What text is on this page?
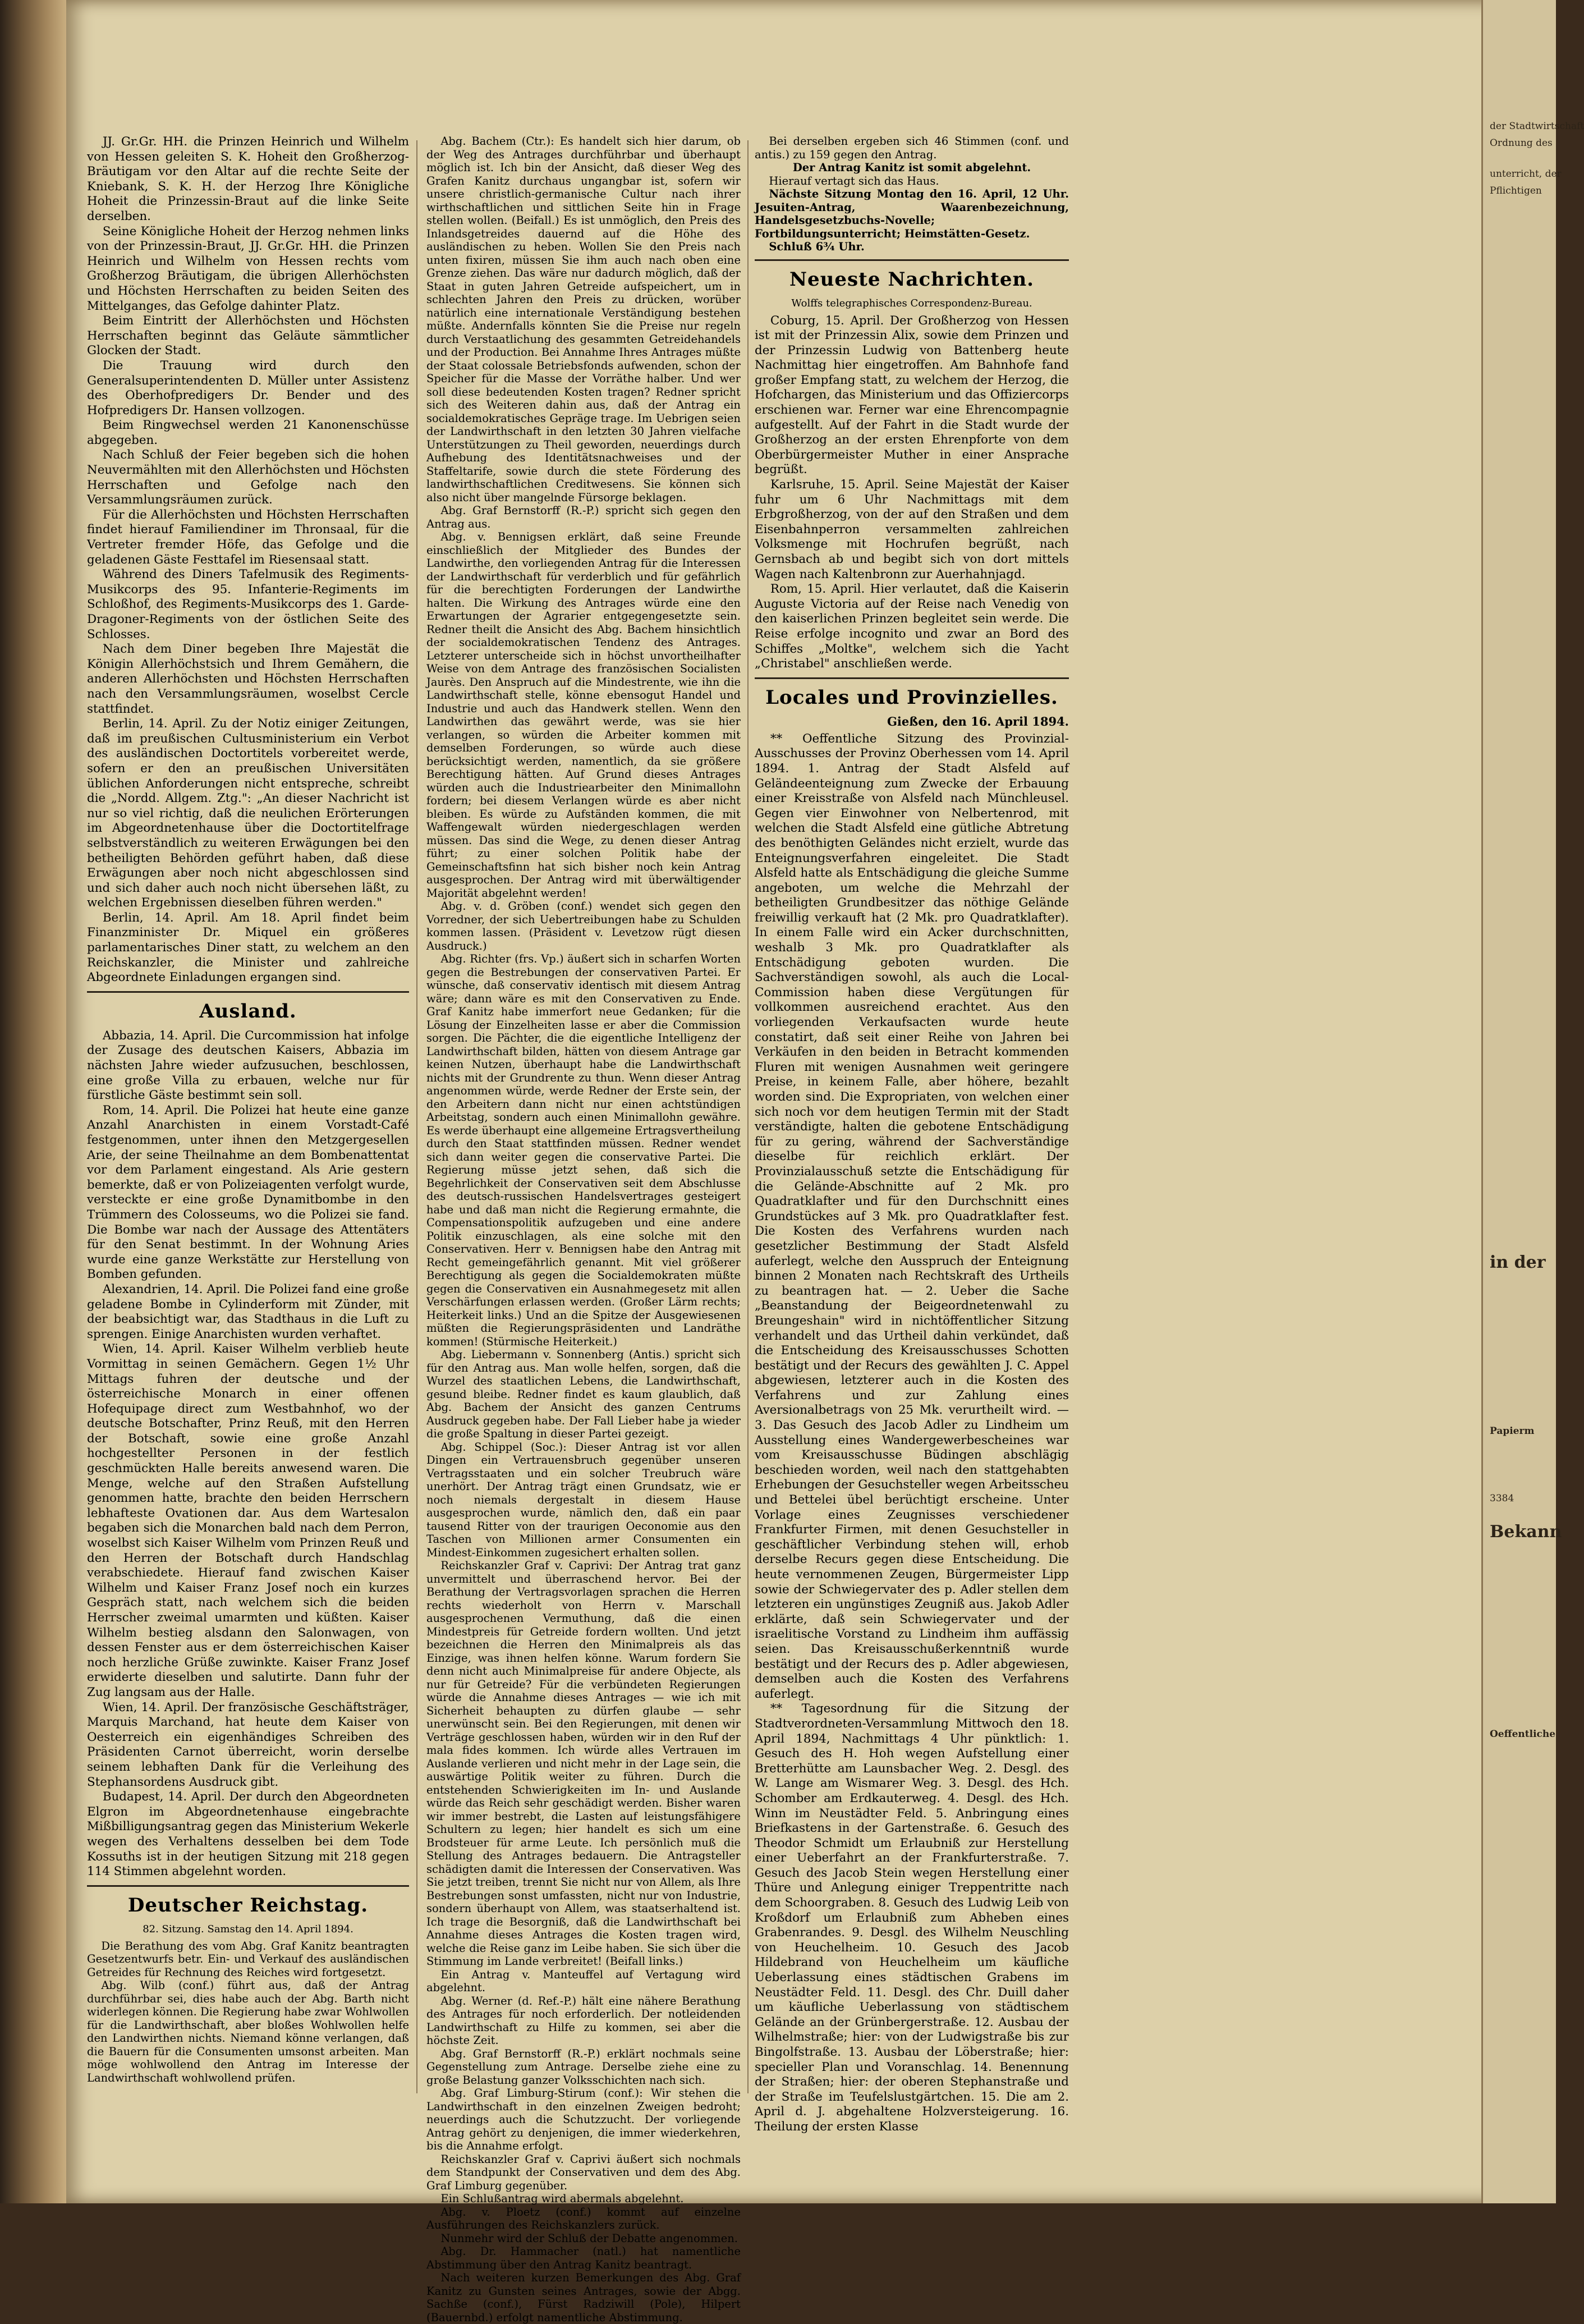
JJ. Gr.Gr. HH. die Prinzen Heinrich und Wilhelm von Hessen geleiten S. K. Hoheit den Großherzog-Bräutigam vor den Altar auf die rechte Seite der Kniebank, S. K. H. der Herzog Ihre Königliche Hoheit die Prinzessin-Braut auf die linke Seite derselben.

Seine Königliche Hoheit der Herzog nehmen links von der Prinzessin-Braut, JJ. Gr.Gr. HH. die Prinzen Heinrich und Wilhelm von Hessen rechts vom Großherzog Bräutigam, die übrigen Allerhöchsten und Höchsten Herrschaften zu beiden Seiten des Mittelganges, das Gefolge dahinter Platz.

Beim Eintritt der Allerhöchsten und Höchsten Herrschaften beginnt das Geläute sämmtlicher Glocken der Stadt.

Die Trauung wird durch den Generalsuperintendenten D. Müller unter Assistenz des Oberhofpredigers Dr. Bender und des Hofpredigers Dr. Hansen vollzogen.

Beim Ringwechsel werden 21 Kanonenschüsse abgegeben.

Nach Schluß der Feier begeben sich die hohen Neuvermählten mit den Allerhöchsten und Höchsten Herrschaften und Gefolge nach den Versammlungsräumen zurück.

Für die Allerhöchsten und Höchsten Herrschaften findet hierauf Familiendiner im Thronsaal, für die Vertreter fremder Höfe, das Gefolge und die geladenen Gäste Festtafel im Riesensaal statt.

Während des Diners Tafelmusik des Regiments-Musikcorps des 95. Infanterie-Regiments im Schloßhof, des Regiments-Musikcorps des 1. Garde-Dragoner-Regiments von der östlichen Seite des Schlosses.

Nach dem Diner begeben Ihre Majestät die Königin Allerhöchstsich und Ihrem Gemähern, die anderen Allerhöchsten und Höchsten Herrschaften nach den Versammlungsräumen, woselbst Cercle stattfindet.

Berlin, 14. April. Zu der Notiz einiger Zeitungen, daß im preußischen Cultusministerium ein Verbot des ausländischen Doctortitels vorbereitet werde, sofern er den an preußischen Universitäten üblichen Anforderungen nicht entspreche, schreibt die „Nordd. Allgem. Ztg.": „An dieser Nachricht ist nur so viel richtig, daß die neulichen Erörterungen im Abgeordnetenhause über die Doctortitelfrage selbstverständlich zu weiteren Erwägungen bei den betheiligten Behörden geführt haben, daß diese Erwägungen aber noch nicht abgeschlossen sind und sich daher auch noch nicht übersehen läßt, zu welchen Ergebnissen dieselben führen werden."

Berlin, 14. April. Am 18. April findet beim Finanzminister Dr. Miquel ein größeres parlamentarisches Diner statt, zu welchem an den Reichskanzler, die Minister und zahlreiche Abgeordnete Einladungen ergangen sind.

Ausland.

Abbazia, 14. April. Die Curcommission hat infolge der Zusage des deutschen Kaisers, Abbazia im nächsten Jahre wieder aufzusuchen, beschlossen, eine große Villa zu erbauen, welche nur für fürstliche Gäste bestimmt sein soll.

Rom, 14. April. Die Polizei hat heute eine ganze Anzahl Anarchisten in einem Vorstadt-Café festgenommen, unter ihnen den Metzgergesellen Arie, der seine Theilnahme an dem Bombenattentat vor dem Parlament eingestand. Als Arie gestern bemerkte, daß er von Polizeiagenten verfolgt wurde, versteckte er eine große Dynamitbombe in den Trümmern des Colosseums, wo die Polizei sie fand. Die Bombe war nach der Aussage des Attentäters für den Senat bestimmt. In der Wohnung Aries wurde eine ganze Werkstätte zur Herstellung von Bomben gefunden.

Alexandrien, 14. April. Die Polizei fand eine große geladene Bombe in Cylinderform mit Zünder, mit der beabsichtigt war, das Stadthaus in die Luft zu sprengen. Einige Anarchisten wurden verhaftet.

Wien, 14. April. Kaiser Wilhelm verblieb heute Vormittag in seinen Gemächern. Gegen 1½ Uhr Mittags fuhren der deutsche und der österreichische Monarch in einer offenen Hofequipage direct zum Westbahnhof, wo der deutsche Botschafter, Prinz Reuß, mit den Herren der Botschaft, sowie eine große Anzahl hochgestellter Personen in der festlich geschmückten Halle bereits anwesend waren. Die Menge, welche auf den Straßen Aufstellung genommen hatte, brachte den beiden Herrschern lebhafteste Ovationen dar. Aus dem Wartesalon begaben sich die Monarchen bald nach dem Perron, woselbst sich Kaiser Wilhelm vom Prinzen Reuß und den Herren der Botschaft durch Handschlag verabschiedete. Hierauf fand zwischen Kaiser Wilhelm und Kaiser Franz Josef noch ein kurzes Gespräch statt, nach welchem sich die beiden Herrscher zweimal umarmten und küßten. Kaiser Wilhelm bestieg alsdann den Salonwagen, von dessen Fenster aus er dem österreichischen Kaiser noch herzliche Grüße zuwinkte. Kaiser Franz Josef erwiderte dieselben und salutirte. Dann fuhr der Zug langsam aus der Halle.

Wien, 14. April. Der französische Geschäftsträger, Marquis Marchand, hat heute dem Kaiser von Oesterreich ein eigenhändiges Schreiben des Präsidenten Carnot überreicht, worin derselbe seinem lebhaften Dank für die Verleihung des Stephansordens Ausdruck gibt.

Budapest, 14. April. Der durch den Abgeordneten Elgron im Abgeordnetenhause eingebrachte Mißbilligungsantrag gegen das Ministerium Wekerle wegen des Verhaltens desselben bei dem Tode Kossuths ist in der heutigen Sitzung mit 218 gegen 114 Stimmen abgelehnt worden.

Deutscher Reichstag.
82. Sitzung. Samstag den 14. April 1894.

Die Berathung des vom Abg. Graf Kanitz beantragten Gesetzentwurfs betr. Ein- und Verkauf des ausländischen Getreides für Rechnung des Reiches wird fortgesetzt.

Abg. Wilb (conf.) führt aus, daß der Antrag durchführbar sei, dies habe auch der Abg. Barth nicht widerlegen können. Die Regierung habe zwar Wohlwollen für die Landwirthschaft, aber bloßes Wohlwollen helfe den Landwirthen nichts. Niemand könne verlangen, daß die Bauern für die Consumenten umsonst arbeiten. Man möge wohlwollend den Antrag im Interesse der Landwirthschaft wohlwollend prüfen.

Abg. Bachem (Ctr.): Es handelt sich hier darum, ob der Weg des Antrages durchführbar und überhaupt möglich ist. Ich bin der Ansicht, daß dieser Weg des Grafen Kanitz durchaus ungangbar ist, sofern wir unsere christlich-germanische Cultur nach ihrer wirthschaftlichen und sittlichen Seite hin in Frage stellen wollen. (Beifall.) Es ist unmöglich, den Preis des Inlandsgetreides dauernd auf die Höhe des ausländischen zu heben. Wollen Sie den Preis nach unten fixiren, müssen Sie ihm auch nach oben eine Grenze ziehen. Das wäre nur dadurch möglich, daß der Staat in guten Jahren Getreide aufspeichert, um in schlechten Jahren den Preis zu drücken, worüber natürlich eine internationale Verständigung bestehen müßte. Andernfalls könnten Sie die Preise nur regeln durch Verstaatlichung des gesammten Getreidehandels und der Production. Bei Annahme Ihres Antrages müßte der Staat colossale Betriebsfonds aufwenden, schon der Speicher für die Masse der Vorräthe halber. Und wer soll diese bedeutenden Kosten tragen? Redner spricht sich des Weiteren dahin aus, daß der Antrag ein socialdemokratisches Gepräge trage. Im Uebrigen seien der Landwirthschaft in den letzten 30 Jahren vielfache Unterstützungen zu Theil geworden, neuerdings durch Aufhebung des Identitätsnachweises und der Staffeltarife, sowie durch die stete Förderung des landwirthschaftlichen Creditwesens. Sie können sich also nicht über mangelnde Fürsorge beklagen.

Abg. Graf Bernstorff (R.-P.) spricht sich gegen den Antrag aus.

Abg. v. Bennigsen erklärt, daß seine Freunde einschließlich der Mitglieder des Bundes der Landwirthe, den vorliegenden Antrag für die Interessen der Landwirthschaft für verderblich und für gefährlich für die berechtigten Forderungen der Landwirthe halten. Die Wirkung des Antrages würde eine den Erwartungen der Agrarier entgegengesetzte sein. Redner theilt die Ansicht des Abg. Bachem hinsichtlich der socialdemokratischen Tendenz des Antrages. Letzterer unterscheide sich in höchst unvortheilhafter Weise von dem Antrage des französischen Socialisten Jaurès. Den Anspruch auf die Mindestrente, wie ihn die Landwirthschaft stelle, könne ebensogut Handel und Industrie und auch das Handwerk stellen. Wenn den Landwirthen das gewährt werde, was sie hier verlangen, so würden die Arbeiter kommen mit demselben Forderungen, so würde auch diese berücksichtigt werden, namentlich, da sie größere Berechtigung hätten. Auf Grund dieses Antrages würden auch die Industriearbeiter den Minimallohn fordern; bei diesem Verlangen würde es aber nicht bleiben. Es würde zu Aufständen kommen, die mit Waffengewalt würden niedergeschlagen werden müssen. Das sind die Wege, zu denen dieser Antrag führt; zu einer solchen Politik habe der Gemeinschaftsfinn hat sich bisher noch kein Antrag ausgesprochen. Der Antrag wird mit überwältigender Majorität abgelehnt werden!

Abg. v. d. Gröben (conf.) wendet sich gegen den Vorredner, der sich Uebertreibungen habe zu Schulden kommen lassen. (Präsident v. Levetzow rügt diesen Ausdruck.)

Abg. Richter (frs. Vp.) äußert sich in scharfen Worten gegen die Bestrebungen der conservativen Partei. Er wünsche, daß conservativ identisch mit diesem Antrag wäre; dann wäre es mit den Conservativen zu Ende. Graf Kanitz habe immerfort neue Gedanken; für die Lösung der Einzelheiten lasse er aber die Commission sorgen. Die Pächter, die die eigentliche Intelligenz der Landwirthschaft bilden, hätten von diesem Antrage gar keinen Nutzen, überhaupt habe die Landwirthschaft nichts mit der Grundrente zu thun. Wenn dieser Antrag angenommen würde, werde Redner der Erste sein, der den Arbeitern dann nicht nur einen achtstündigen Arbeitstag, sondern auch einen Minimallohn gewähre. Es werde überhaupt eine allgemeine Ertragsvertheilung durch den Staat stattfinden müssen. Redner wendet sich dann weiter gegen die conservative Partei. Die Regierung müsse jetzt sehen, daß sich die Begehrlichkeit der Conservativen seit dem Abschlusse des deutsch-russischen Handelsvertrages gesteigert habe und daß man nicht die Regierung ermahnte, die Compensationspolitik aufzugeben und eine andere Politik einzuschlagen, als eine solche mit den Conservativen. Herr v. Bennigsen habe den Antrag mit Recht gemeingefährlich genannt. Mit viel größerer Berechtigung als gegen die Socialdemokraten müßte gegen die Conservativen ein Ausnahmegesetz mit allen Verschärfungen erlassen werden. (Großer Lärm rechts; Heiterkeit links.) Und an die Spitze der Ausgewiesenen müßten die Regierungspräsidenten und Landräthe kommen! (Stürmische Heiterkeit.)

Abg. Liebermann v. Sonnenberg (Antis.) spricht sich für den Antrag aus. Man wolle helfen, sorgen, daß die Wurzel des staatlichen Lebens, die Landwirthschaft, gesund bleibe. Redner findet es kaum glaublich, daß Abg. Bachem der Ansicht des ganzen Centrums Ausdruck gegeben habe. Der Fall Lieber habe ja wieder die große Spaltung in dieser Partei gezeigt.

Abg. Schippel (Soc.): Dieser Antrag ist vor allen Dingen ein Vertrauensbruch gegenüber unseren Vertragsstaaten und ein solcher Treubruch wäre unerhört. Der Antrag trägt einen Grundsatz, wie er noch niemals dergestalt in diesem Hause ausgesprochen wurde, nämlich den, daß ein paar tausend Ritter von der traurigen Oeconomie aus den Taschen von Millionen armer Consumenten ein Mindest-Einkommen zugesichert erhalten sollen.

Reichskanzler Graf v. Caprivi: Der Antrag trat ganz unvermittelt und überraschend hervor. Bei der Berathung der Vertragsvorlagen sprachen die Herren rechts wiederholt von Herrn v. Marschall ausgesprochenen Vermuthung, daß die einen Mindestpreis für Getreide fordern wollten. Und jetzt bezeichnen die Herren den Minimalpreis als das Einzige, was ihnen helfen könne. Warum fordern Sie denn nicht auch Minimalpreise für andere Objecte, als nur für Getreide? Für die verbündeten Regierungen würde die Annahme dieses Antrages — wie ich mit Sicherheit behaupten zu dürfen glaube — sehr unerwünscht sein. Bei den Regierungen, mit denen wir Verträge geschlossen haben, würden wir in den Ruf der mala fides kommen. Ich würde alles Vertrauen im Auslande verlieren und nicht mehr in der Lage sein, die auswärtige Politik weiter zu führen. Durch die entstehenden Schwierigkeiten im In- und Auslande würde das Reich sehr geschädigt werden. Bisher waren wir immer bestrebt, die Lasten auf leistungsfähigere Schultern zu legen; hier handelt es sich um eine Brodsteuer für arme Leute. Ich persönlich muß die Stellung des Antrages bedauern. Die Antragsteller schädigten damit die Interessen der Conservativen. Was Sie jetzt treiben, trennt Sie nicht nur von Allem, als Ihre Bestrebungen sonst umfassten, nicht nur von Industrie, sondern überhaupt von Allem, was staatserhaltend ist. Ich trage die Besorgniß, daß die Landwirthschaft bei Annahme dieses Antrages die Kosten tragen wird, welche die Reise ganz im Leibe haben. Sie sich über die Stimmung im Lande verbreitet! (Beifall links.)

Ein Antrag v. Manteuffel auf Vertagung wird abgelehnt.

Abg. Werner (d. Ref.-P.) hält eine nähere Berathung des Antrages für noch erforderlich. Der notleidenden Landwirthschaft zu Hilfe zu kommen, sei aber die höchste Zeit.

Abg. Graf Bernstorff (R.-P.) erklärt nochmals seine Gegenstellung zum Antrage. Derselbe ziehe eine zu große Belastung ganzer Volksschichten nach sich.

Abg. Graf Limburg-Stirum (conf.): Wir stehen die Landwirthschaft in den einzelnen Zweigen bedroht; neuerdings auch die Schutzzucht. Der vorliegende Antrag gehört zu denjenigen, die immer wiederkehren, bis die Annahme erfolgt.

Reichskanzler Graf v. Caprivi äußert sich nochmals dem Standpunkt der Conservativen und dem des Abg. Graf Limburg gegenüber.

Ein Schlußantrag wird abermals abgelehnt.

Abg. v. Ploetz (conf.) kommt auf einzelne Ausführungen des Reichskanzlers zurück.

Nunmehr wird der Schluß der Debatte angenommen.

Abg. Dr. Hammacher (natl.) hat namentliche Abstimmung über den Antrag Kanitz beantragt.

Nach weiteren kurzen Bemerkungen des Abg. Graf Kanitz zu Gunsten seines Antrages, sowie der Abgg. Sachße (conf.), Fürst Radziwill (Pole), Hilpert (Bauernbd.) erfolgt namentliche Abstimmung.

Bei derselben ergeben sich 46 Stimmen (conf. und antis.) zu 159 gegen den Antrag.

Der Antrag Kanitz ist somit abgelehnt.

Hierauf vertagt sich das Haus.

Nächste Sitzung Montag den 16. April, 12 Uhr. Jesuiten-Antrag, Waarenbezeichnung, Handelsgesetzbuchs-Novelle; Fortbildungsunterricht; Heimstätten-Gesetz.

Schluß 6¾ Uhr.

Neueste Nachrichten.
Wolffs telegraphisches Correspondenz-Bureau.

Coburg, 15. April. Der Großherzog von Hessen ist mit der Prinzessin Alix, sowie dem Prinzen und der Prinzessin Ludwig von Battenberg heute Nachmittag hier eingetroffen. Am Bahnhofe fand großer Empfang statt, zu welchem der Herzog, die Hofchargen, das Ministerium und das Offiziercorps erschienen war. Ferner war eine Ehrencompagnie aufgestellt. Auf der Fahrt in die Stadt wurde der Großherzog an der ersten Ehrenpforte von dem Oberbürgermeister Muther in einer Ansprache begrüßt.

Karlsruhe, 15. April. Seine Majestät der Kaiser fuhr um 6 Uhr Nachmittags mit dem Erbgroßherzog, von der auf den Straßen und dem Eisenbahnperron versammelten zahlreichen Volksmenge mit Hochrufen begrüßt, nach Gernsbach ab und begibt sich von dort mittels Wagen nach Kaltenbronn zur Auerhahnjagd.

Rom, 15. April. Hier verlautet, daß die Kaiserin Auguste Victoria auf der Reise nach Venedig von den kaiserlichen Prinzen begleitet sein werde. Die Reise erfolge incognito und zwar an Bord des Schiffes „Moltke", welchem sich die Yacht „Christabel" anschließen werde.

Locales und Provinzielles.
Gießen, den 16. April 1894.

** Oeffentliche Sitzung des Provinzial-Ausschusses der Provinz Oberhessen vom 14. April 1894. 1. Antrag der Stadt Alsfeld auf Geländeenteignung zum Zwecke der Erbauung einer Kreisstraße von Alsfeld nach Münchleusel. Gegen vier Einwohner von Nelbertenrod, mit welchen die Stadt Alsfeld eine gütliche Abtretung des benöthigten Geländes nicht erzielt, wurde das Enteignungsverfahren eingeleitet. Die Stadt Alsfeld hatte als Entschädigung die gleiche Summe angeboten, um welche die Mehrzahl der betheiligten Grundbesitzer das nöthige Gelände freiwillig verkauft hat (2 Mk. pro Quadratklafter). In einem Falle wird ein Acker durchschnitten, weshalb 3 Mk. pro Quadratklafter als Entschädigung geboten wurden. Die Sachverständigen sowohl, als auch die Local-Commission haben diese Vergütungen für vollkommen ausreichend erachtet. Aus den vorliegenden Verkaufsacten wurde heute constatirt, daß seit einer Reihe von Jahren bei Verkäufen in den beiden in Betracht kommenden Fluren mit wenigen Ausnahmen weit geringere Preise, in keinem Falle, aber höhere, bezahlt worden sind. Die Expropriaten, von welchen einer sich noch vor dem heutigen Termin mit der Stadt verständigte, halten die gebotene Entschädigung für zu gering, während der Sachverständige dieselbe für reichlich erklärt. Der Provinzialausschuß setzte die Entschädigung für die Gelände-Abschnitte auf 2 Mk. pro Quadratklafter und für den Durchschnitt eines Grundstückes auf 3 Mk. pro Quadratklafter fest. Die Kosten des Verfahrens wurden nach gesetzlicher Bestimmung der Stadt Alsfeld auferlegt, welche den Ausspruch der Enteignung binnen 2 Monaten nach Rechtskraft des Urtheils zu beantragen hat. — 2. Ueber die Sache „Beanstandung der Beigeordnetenwahl zu Breungeshain" wird in nichtöffentlicher Sitzung verhandelt und das Urtheil dahin verkündet, daß die Entscheidung des Kreisausschusses Schotten bestätigt und der Recurs des gewählten J. C. Appel abgewiesen, letzterer auch in die Kosten des Verfahrens und zur Zahlung eines Aversionalbetrags von 25 Mk. verurtheilt wird. — 3. Das Gesuch des Jacob Adler zu Lindheim um Ausstellung eines Wandergewerbescheines war vom Kreisausschusse Büdingen abschlägig beschieden worden, weil nach den stattgehabten Erhebungen der Gesuchsteller wegen Arbeitsscheu und Bettelei übel berüchtigt erscheine. Unter Vorlage eines Zeugnisses verschiedener Frankfurter Firmen, mit denen Gesuchsteller in geschäftlicher Verbindung stehen will, erhob derselbe Recurs gegen diese Entscheidung. Die heute vernommenen Zeugen, Bürgermeister Lipp sowie der Schwiegervater des p. Adler stellen dem letzteren ein ungünstiges Zeugniß aus. Jakob Adler erklärte, daß sein Schwiegervater und der israelitische Vorstand zu Lindheim ihm auffässig seien. Das Kreisausschußerkenntniß wurde bestätigt und der Recurs des p. Adler abgewiesen, demselben auch die Kosten des Verfahrens auferlegt.

** Tagesordnung für die Sitzung der Stadtverordneten-Versammlung Mittwoch den 18. April 1894, Nachmittags 4 Uhr pünktlich: 1. Gesuch des H. Hoh wegen Aufstellung einer Bretterhütte am Launsbacher Weg. 2. Desgl. des W. Lange am Wismarer Weg. 3. Desgl. des Hch. Schomber am Erdkauterweg. 4. Desgl. des Hch. Winn im Neustädter Feld. 5. Anbringung eines Briefkastens in der Gartenstraße. 6. Gesuch des Theodor Schmidt um Erlaubniß zur Herstellung einer Ueberfahrt an der Frankfurterstraße. 7. Gesuch des Jacob Stein wegen Herstellung einer Thüre und Anlegung einiger Treppentritte nach dem Schoorgraben. 8. Gesuch des Ludwig Leib von Kroßdorf um Erlaubniß zum Abheben eines Grabenrandes. 9. Desgl. des Wilhelm Neuschling von Heuchelheim. 10. Gesuch des Jacob Hildebrand von Heuchelheim um käufliche Ueberlassung eines städtischen Grabens im Neustädter Feld. 11. Desgl. des Chr. Duill daher um käufliche Ueberlassung von städtischem Gelände an der Grünbergerstraße. 12. Ausbau der Wilhelmstraße; hier: von der Ludwigstraße bis zur Bingolfstraße. 13. Ausbau der Löberstraße; hier: specieller Plan und Voranschlag. 14. Benennung der Straßen; hier: der oberen Stephanstraße und der Straße im Teufelslustgärtchen. 15. Die am 2. April d. J. abgehaltene Holzversteigerung. 16. Theilung der ersten Klasse

der Stadtwirtschaft
Ordnung des
unterricht, der
Pflichtigen
in der
Bekann
Oeffentliche
3384
Papierm
